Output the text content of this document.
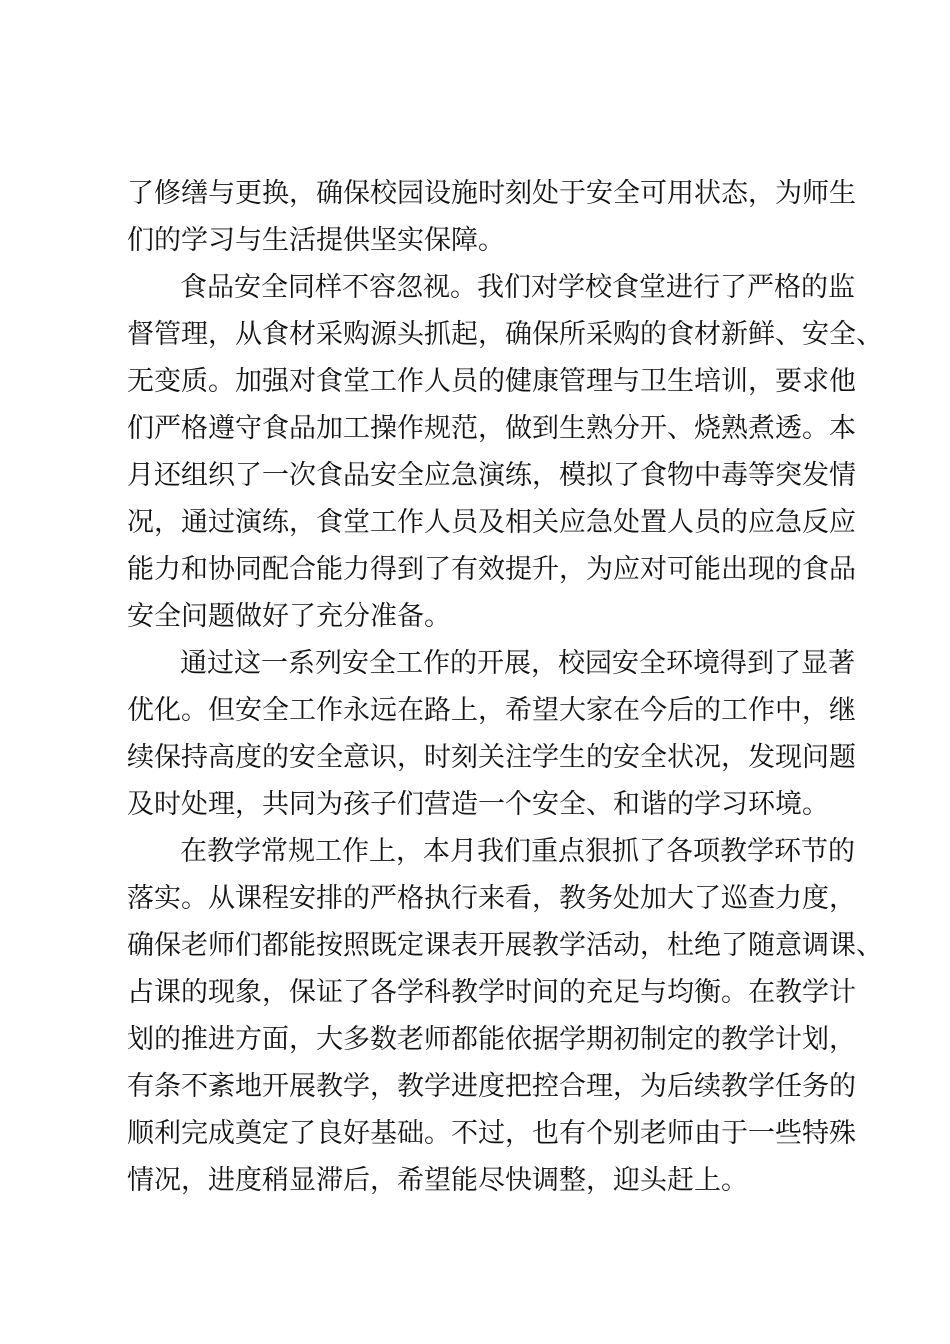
了修缮与更换，确保校园设施时刻处于安全可用状态，为师生
们的学习与生活提供坚实保障。
食品安全同样不容忽视。我们对学校食堂进行了严格的监
督管理，从食材采购源头抓起，确保所采购的食材新鲜、安全、
无变质。加强对食堂工作人员的健康管理与卫生培训，要求他
们严格遵守食品加工操作规范，做到生熟分开、烧熟煮透。本
月还组织了一次食品安全应急演练，模拟了食物中毒等突发情
况，通过演练，食堂工作人员及相关应急处置人员的应急反应
能力和协同配合能力得到了有效提升，为应对可能出现的食品
安全问题做好了充分准备。
通过这一系列安全工作的开展，校园安全环境得到了显著
优化。但安全工作永远在路上，希望大家在今后的工作中，继
续保持高度的安全意识，时刻关注学生的安全状况，发现问题
及时处理，共同为孩子们营造一个安全、和谐的学习环境。
在教学常规工作上，本月我们重点狠抓了各项教学环节的
落实。从课程安排的严格执行来看，教务处加大了巡查力度，
确保老师们都能按照既定课表开展教学活动，杜绝了随意调课、
占课的现象，保证了各学科教学时间的充足与均衡。在教学计
划的推进方面，大多数老师都能依据学期初制定的教学计划，
有条不紊地开展教学，教学进度把控合理，为后续教学任务的
顺利完成奠定了良好基础。不过，也有个别老师由于一些特殊
情况，进度稍显滞后，希望能尽快调整，迎头赶上。
